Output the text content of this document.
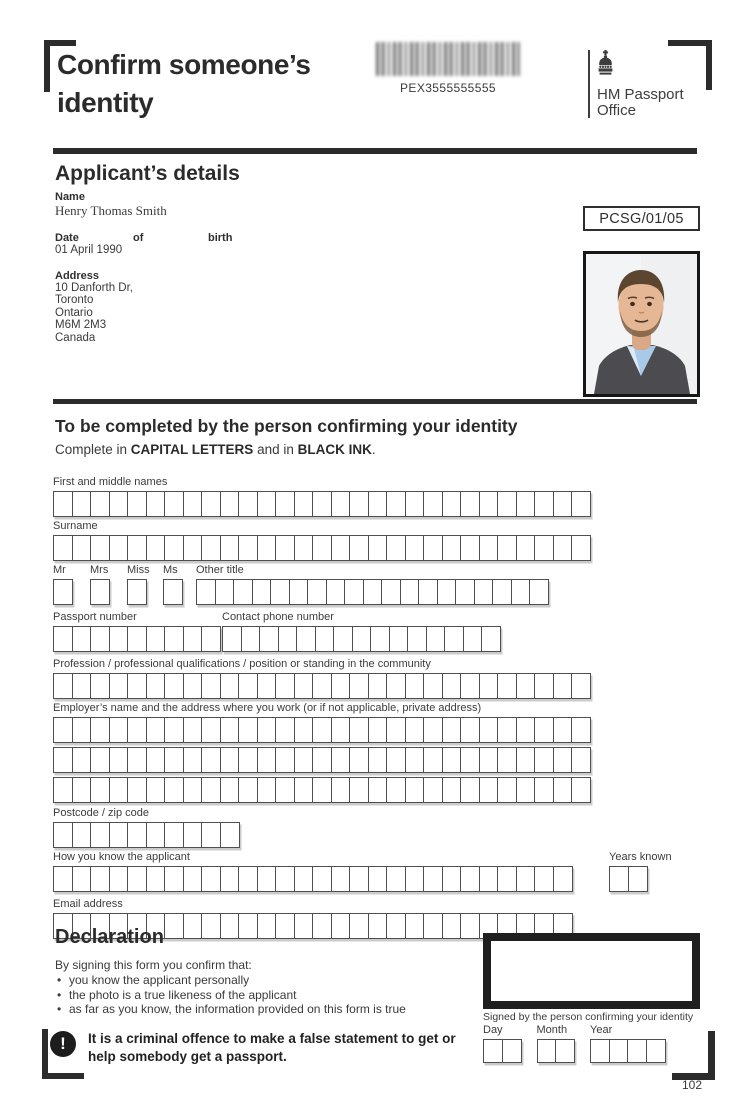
Confirm someone’s
identity	PEX3555555555	HM Passport
Office
Applicant’s details
Name
Henry Thomas Smith
Date	of	birth
01 April 1990
Address
10 Danforth Dr,
Toronto
Ontario
M6M 2M3
Canada
PCSG/01/05
To be completed by the person confirming your identity
Complete in CAPITAL LETTERS and in BLACK INK.
First and middle names
Surname
Mr	Mrs Miss Ms	Other title
Passport number	Contact phone number
Profession / professional qualifications / position or standing in the community
Employer’s name and the address where you work (or if not applicable, private address)
Postcode / zip code
How you know the applicant	Years known
Email address
Declaration
By signing this form you confirm that:
• you know the applicant personally
• the photo is a true likeness of the applicant
• as far as you know, the information provided on this form is true
Signed by the person confirming your identity
Day	Month	Year
!	It is a criminal offence to make a false statement to get or help somebody get a passport.
102
